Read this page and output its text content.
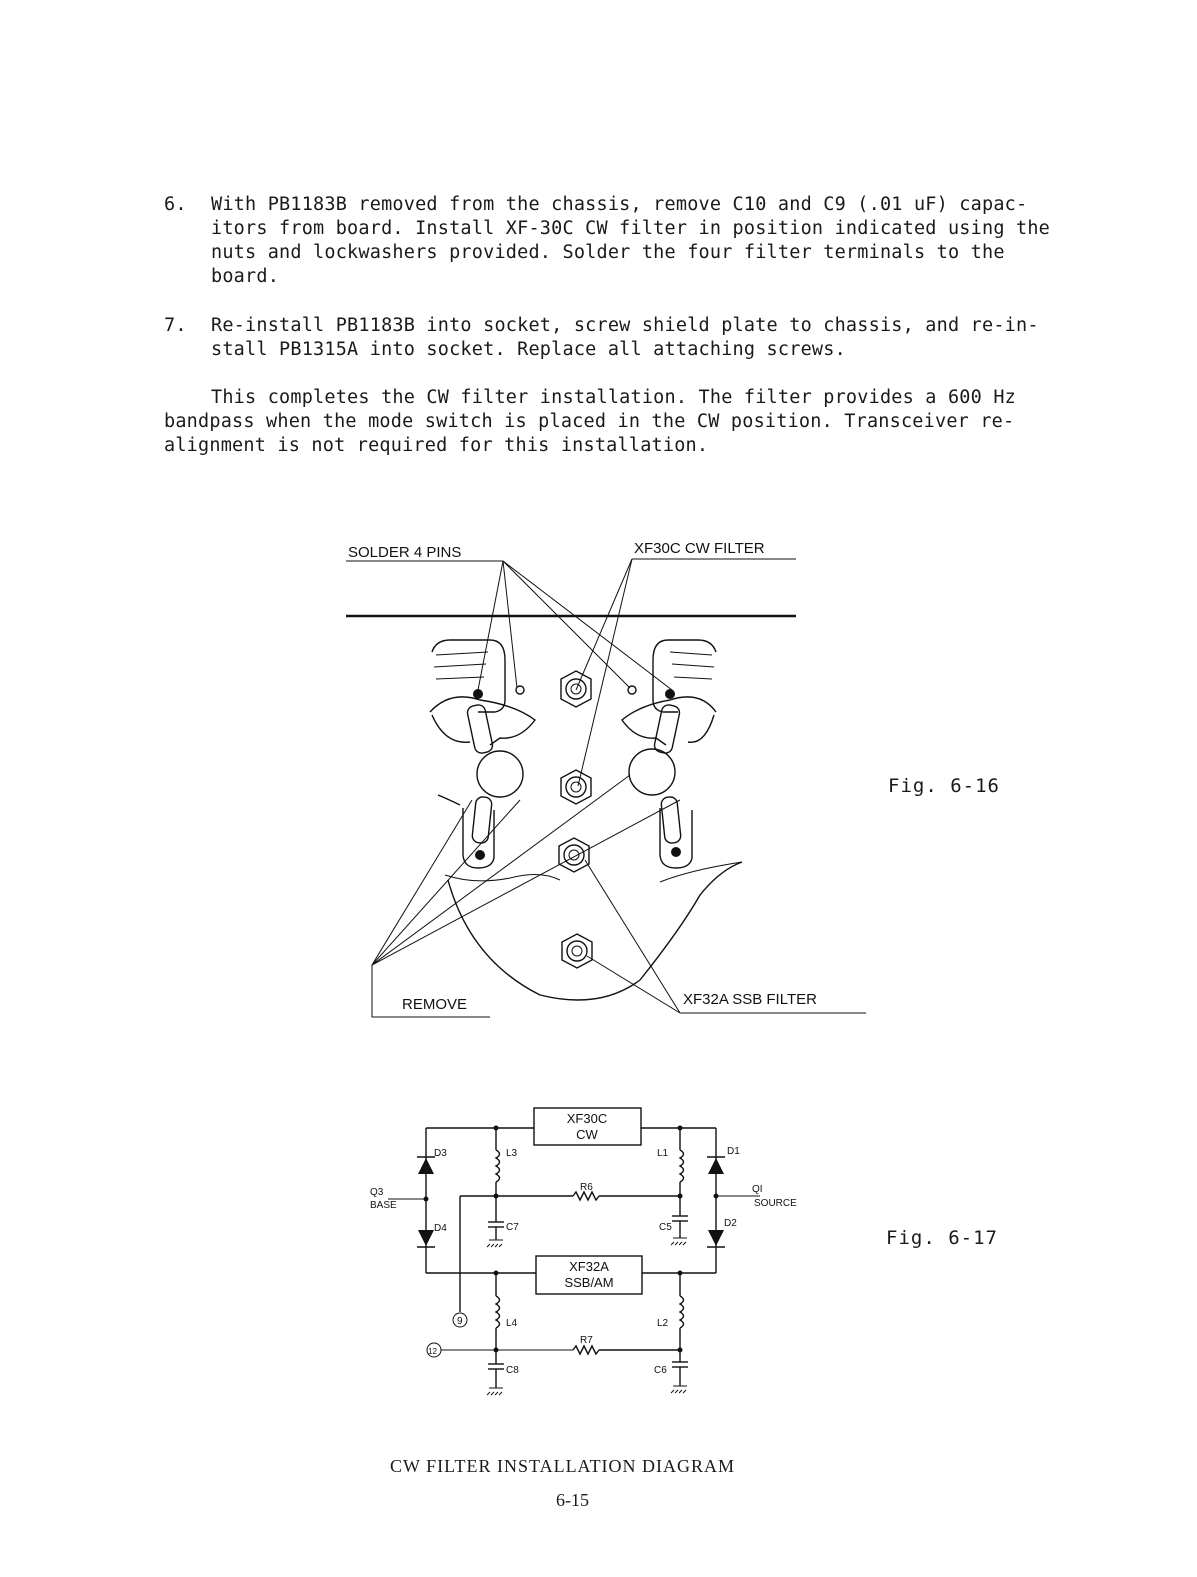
6. With PB1183B removed from the chassis, remove C10 and C9 (.01 uF) capac-itors from board. Install XF-30C CW filter in position indicated using the nuts and lockwashers provided. Solder the four filter terminals to the board.
7. Re-install PB1183B into socket, screw shield plate to chassis, and re-in-stall PB1315A into socket. Replace all attaching screws.
This completes the CW filter installation. The filter provides a 600 Hz bandpass when the mode switch is placed in the CW position. Transceiver re-alignment is not required for this installation.
SOLDER 4 PINS	XF30C CW FILTER
REMOVE	XF32A SSB FILTER
XF30C
CW
XF32A
SSB/AM
D3
D4
D1
D2
L3	L1
L4	L2
R6
R7
C7	C5
C8	C6
Q3
BASE
QI
SOURCE
9
12
Fig. 6-16
Fig. 6-17
CW FILTER INSTALLATION DIAGRAM
6-15
